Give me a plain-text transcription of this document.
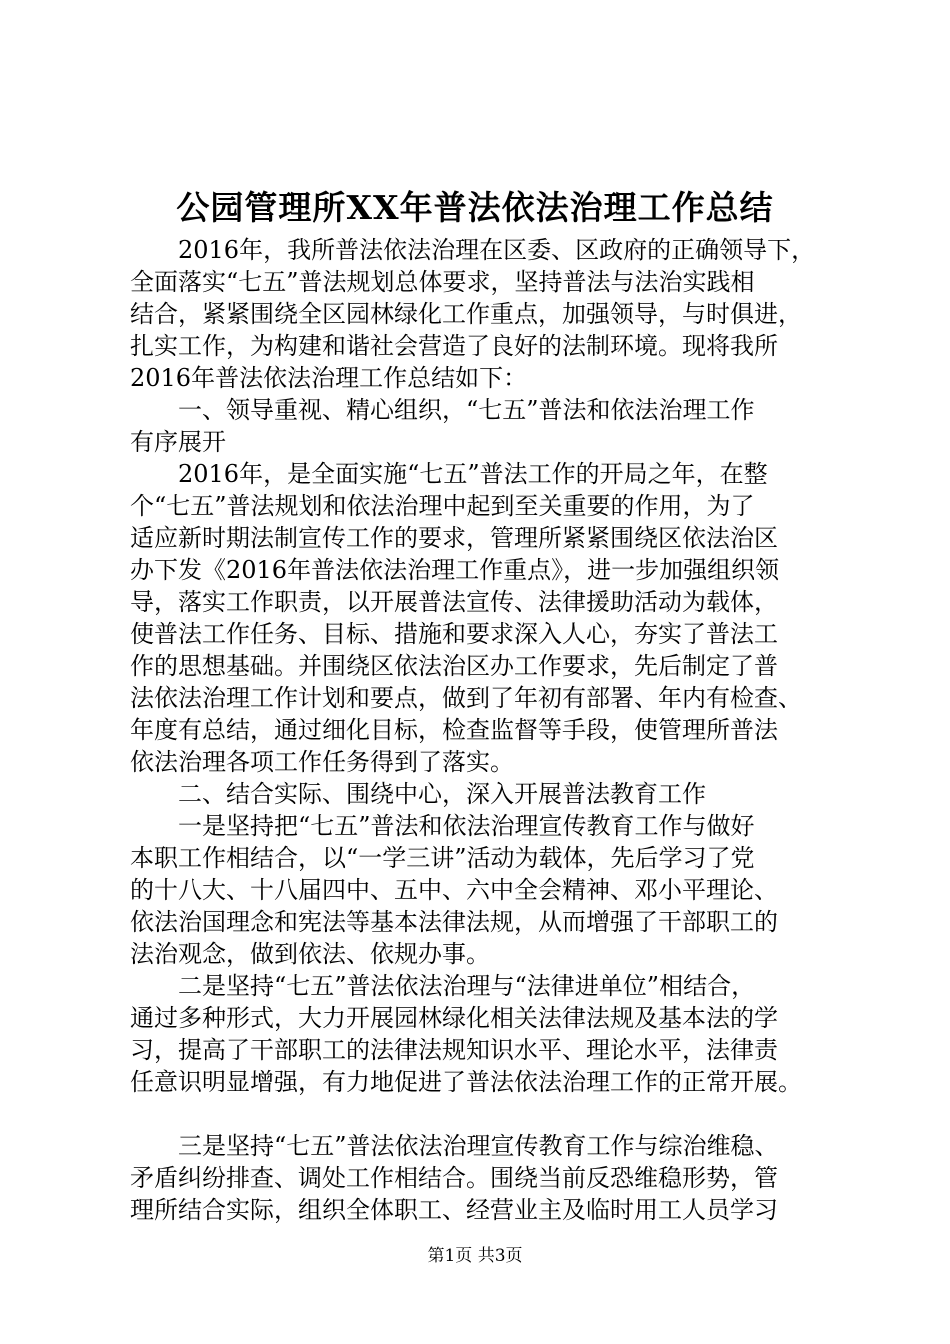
公园管理所XX年普法依法治理工作总结
　　2016年，我所普法依法治理在区委、区政府的正确领导下，
全面落实“七五”普法规划总体要求，坚持普法与法治实践相
结合，紧紧围绕全区园林绿化工作重点，加强领导，与时俱进，
扎实工作，为构建和谐社会营造了良好的法制环境。现将我所
2016年普法依法治理工作总结如下：
　　一、领导重视、精心组织，“七五”普法和依法治理工作
有序展开
　　2016年，是全面实施“七五”普法工作的开局之年，在整
个“七五”普法规划和依法治理中起到至关重要的作用，为了
适应新时期法制宣传工作的要求，管理所紧紧围绕区依法治区
办下发《2016年普法依法治理工作重点》，进一步加强组织领
导，落实工作职责，以开展普法宣传、法律援助活动为载体，
使普法工作任务、目标、措施和要求深入人心，夯实了普法工
作的思想基础。并围绕区依法治区办工作要求，先后制定了普
法依法治理工作计划和要点，做到了年初有部署、年内有检查、
年度有总结，通过细化目标，检查监督等手段，使管理所普法
依法治理各项工作任务得到了落实。
　　二、结合实际、围绕中心，深入开展普法教育工作
　　一是坚持把“七五”普法和依法治理宣传教育工作与做好
本职工作相结合，以“一学三讲”活动为载体，先后学习了党
的十八大、十八届四中、五中、六中全会精神、邓小平理论、
依法治国理念和宪法等基本法律法规，从而增强了干部职工的
法治观念，做到依法、依规办事。
　　二是坚持“七五”普法依法治理与“法律进单位”相结合，
通过多种形式，大力开展园林绿化相关法律法规及基本法的学
习，提高了干部职工的法律法规知识水平、理论水平，法律责
任意识明显增强，有力地促进了普法依法治理工作的正常开展。
　　三是坚持“七五”普法依法治理宣传教育工作与综治维稳、
矛盾纠纷排查、调处工作相结合。围绕当前反恐维稳形势，管
理所结合实际，组织全体职工、经营业主及临时用工人员学习
第1页 共3页
